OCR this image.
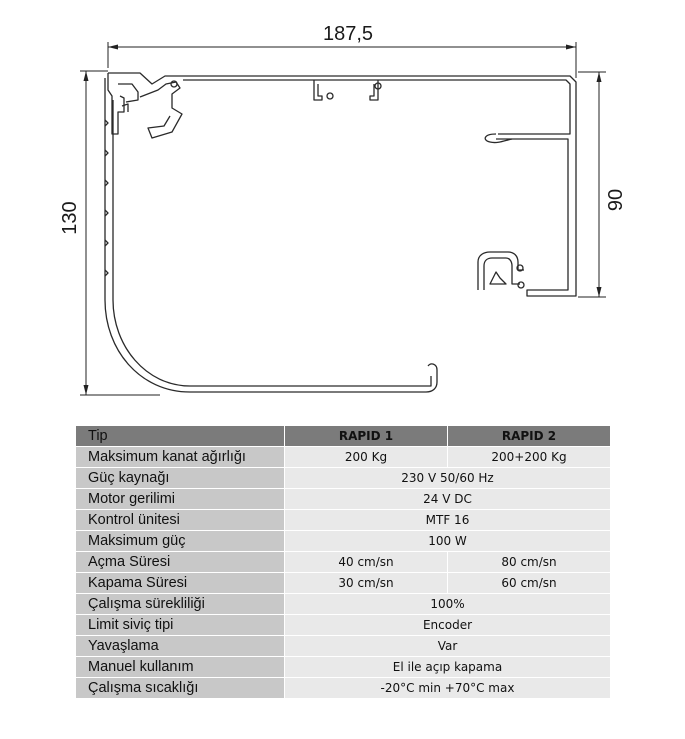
187,5
130
90
Tip	RAPID 1	RAPID 2
Maksimum kanat ağırlığı	200 Kg	200+200 Kg
Güç kaynağı	230 V 50/60 Hz	
Motor gerilimi	24 V DC	
Kontrol ünitesi	MTF 16	
Maksimum güç	100 W	
Açma Süresi	40 cm/sn	80 cm/sn
Kapama Süresi	30 cm/sn	60 cm/sn
Çalışma sürekliliği	100%	
Limit siviç tipi	Encoder	
Yavaşlama	Var	
Manuel kullanım	El ile açıp kapama	
Çalışma sıcaklığı	-20°C min +70°C max	
